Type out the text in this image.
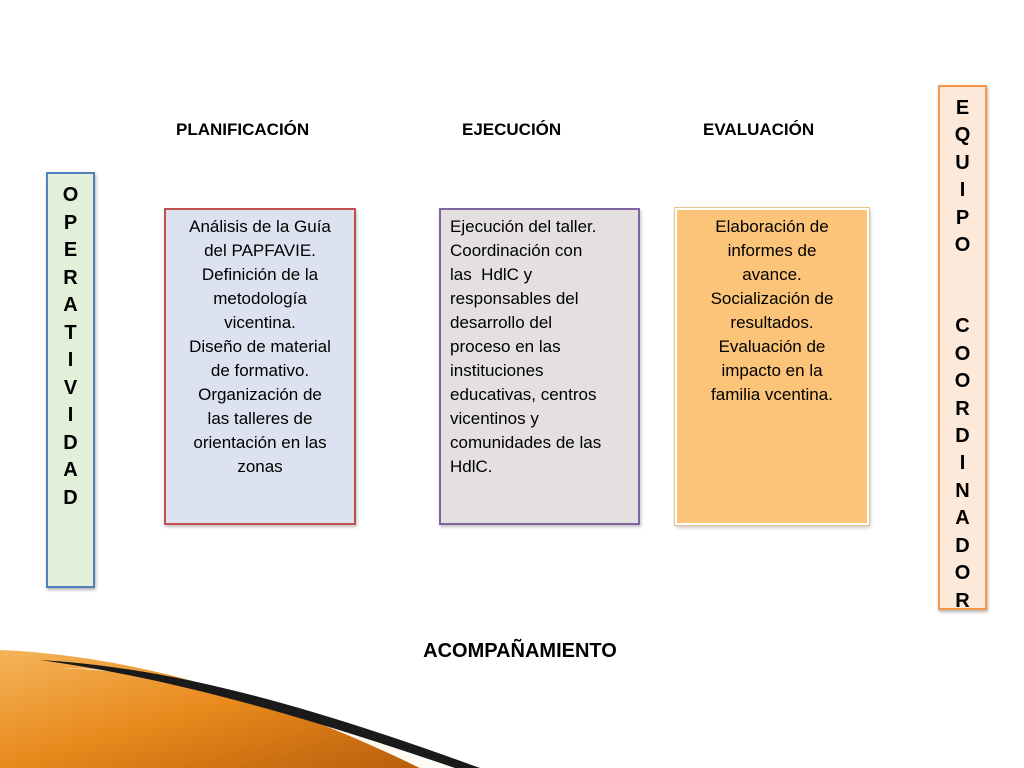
PLANIFICACIÓN	EJECUCIÓN	EVALUACIÓN
O
P
E
R
A
T
I
V
I
D
A
D
E
Q
U
I
P
O
C
O
O
R
D
I
N
A
D
O
R
Análisis de la Guía
del PAPFAVIE.
Definición de la
metodología
vicentina.
Diseño de material
de formativo.
Organización de
las talleres de
orientación en las
zonas
Ejecución del taller.
Coordinación con
las  HdlC y
responsables del
desarrollo del
proceso en las
instituciones
educativas, centros
vicentinos y
comunidades de las
HdlC.
Elaboración de
informes de
avance.
Socialización de
resultados.
Evaluación de
impacto en la
familia vcentina.
ACOMPAÑAMIENTO
